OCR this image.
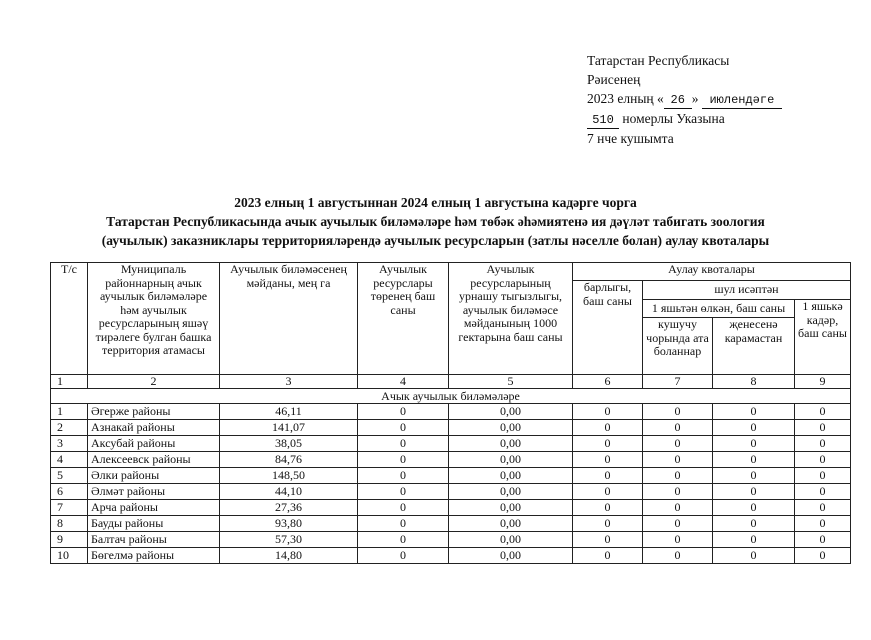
Татарстан Республикасы
Рәисенең
2023 елның « 26 » июлендәге
510 номерлы Указына
7 нче кушымта
2023 елның 1 августыннан 2024 елның 1 августына кадәрге чорга
Татарстан Республикасында ачык аучылык биләмәләре һәм төбәк әһәмиятенә ия дәүләт табигать зоология
(аучылык) заказниклары территорияләрендә аучылык ресурсларын (затлы нәселле болан) аулау квоталары
Т/с	Муниципаль районнарның ачык аучылык биләмәләре һәм аучылык ресурсларының яшәү тирәлеге булган башка территория атамасы	Аучылык биләмәсенең мәйданы, мең га	Аучылык ресурслары төренең баш саны	Аучылык ресурсларының урнашу тыгызлыгы, аучылык биләмәсе мәйданының 1000 гектарына баш саны	Аулау квоталары			
					барлыгы, баш саны	шул исәптән		
						1 яшьтән өлкән, баш саны		1 яшькә кадәр, баш саны
						кушучу чорында ата боланнар	җенесенә карамастан	
1	2	3	4	5	6	7	8	9
Ачык аучылык биләмәләре								
1	Әгерже районы	46,11	0	0,00	0	0	0	0
2	Азнакай районы	141,07	0	0,00	0	0	0	0
3	Аксубай районы	38,05	0	0,00	0	0	0	0
4	Алексеевск районы	84,76	0	0,00	0	0	0	0
5	Әлки районы	148,50	0	0,00	0	0	0	0
6	Әлмәт районы	44,10	0	0,00	0	0	0	0
7	Арча районы	27,36	0	0,00	0	0	0	0
8	Бауды районы	93,80	0	0,00	0	0	0	0
9	Балтач районы	57,30	0	0,00	0	0	0	0
10	Бөгелмә районы	14,80	0	0,00	0	0	0	0
